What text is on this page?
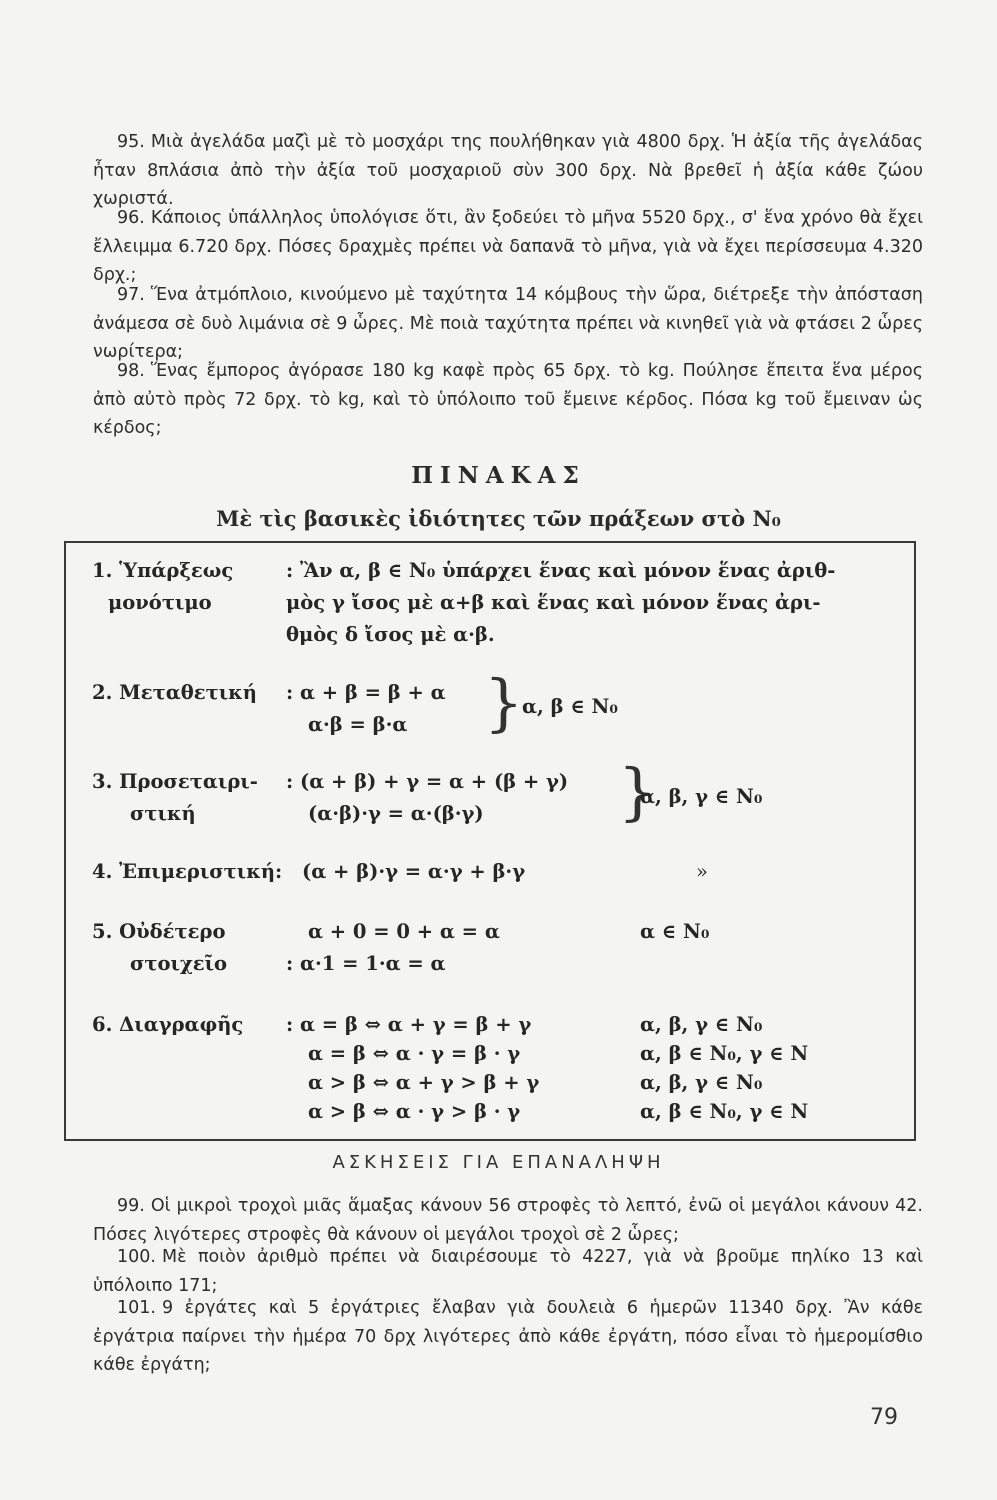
95. Μιὰ ἀγελάδα μαζὶ μὲ τὸ μοσχάρι της πουλήθηκαν γιὰ 4800 δρχ. Ἡ ἀξία τῆς ἀγελάδας ἦταν 8πλάσια ἀπὸ τὴν ἀξία τοῦ μοσχαριοῦ σὺν 300 δρχ. Νὰ βρεθεῖ ἡ ἀξία κάθε ζώου χωριστά.
96. Κάποιος ὑπάλληλος ὑπολόγισε ὅτι, ἂν ξοδεύει τὸ μῆνα 5520 δρχ., σ' ἕνα χρόνο θὰ ἔχει ἔλλειμμα 6.720 δρχ. Πόσες δραχμὲς πρέπει νὰ δαπανᾶ τὸ μῆνα, γιὰ νὰ ἔχει περίσσευμα 4.320 δρχ.;
97. Ἕνα ἀτμόπλοιο, κινούμενο μὲ ταχύτητα 14 κόμβους τὴν ὥρα, διέτρεξε τὴν ἀπόσταση ἀνάμεσα σὲ δυὸ λιμάνια σὲ 9 ὧρες. Μὲ ποιὰ ταχύτητα πρέπει νὰ κινηθεῖ γιὰ νὰ φτάσει 2 ὧρες νωρίτερα;
98. Ἕνας ἔμπορος ἀγόρασε 180 kg καφὲ πρὸς 65 δρχ. τὸ kg. Πούλησε ἔπειτα ἕνα μέρος ἀπὸ αὐτὸ πρὸς 72 δρχ. τὸ kg, καὶ τὸ ὑπόλοιπο τοῦ ἔμεινε κέρδος. Πόσα kg τοῦ ἔμειναν ὡς κέρδος;
ΠΙΝΑΚΑΣ
Μὲ τὶς βασικὲς ἰδιότητες τῶν πράξεων στὸ N₀
1. Ὑπάρξεως
μονότιμο
: Ἂν α, β ∈ N₀ ὑπάρχει ἕνας καὶ μόνον ἕνας ἀριθ-
μὸς γ ἴσος μὲ α+β καὶ ἕνας καὶ μόνον ἕνας ἀρι-
θμὸς δ ἴσος μὲ α·β.
2. Μεταθετική : α + β = β + α
α·β = β·α }
α, β ∈ N₀
3. Προσεταιρι-
στική
: (α + β) + γ = α + (β + γ)
(α·β)·γ = α·(β·γ) }
α, β, γ ∈ N₀
4. Ἐπιμεριστική: (α + β)·γ = α·γ + β·γ	»
5. Οὐδέτερο
στοιχεῖο
α + 0 = 0 + α = α
: α·1 = 1·α = α
α ∈ N₀
6. Διαγραφῆς : α = β ⇔ α + γ = β + γ
α = β ⇔ α · γ = β · γ
α > β ⇔ α + γ > β + γ
α > β ⇔ α · γ > β · γ
α, β, γ ∈ N₀
α, β ∈ N₀, γ ∈ N
α, β, γ ∈ N₀
α, β ∈ N₀, γ ∈ N
ΑΣΚΗΣΕΙΣ ΓΙΑ ΕΠΑΝΑΛΗΨΗ
99. Οἱ μικροὶ τροχοὶ μιᾶς ἅμαξας κάνουν 56 στροφὲς τὸ λεπτό, ἐνῶ οἱ μεγάλοι κάνουν 42. Πόσες λιγότερες στροφὲς θὰ κάνουν οἱ μεγάλοι τροχοὶ σὲ 2 ὧρες;
100. Μὲ ποιὸν ἀριθμὸ πρέπει νὰ διαιρέσουμε τὸ 4227, γιὰ νὰ βροῦμε πηλίκο 13 καὶ ὑπόλοιπο 171;
101. 9 ἐργάτες καὶ 5 ἐργάτριες ἔλαβαν γιὰ δουλειὰ 6 ἡμερῶν 11340 δρχ. Ἂν κάθε ἐργάτρια παίρνει τὴν ἡμέρα 70 δρχ λιγότερες ἀπὸ κάθε ἐργάτη, πόσο εἶναι τὸ ἡμερομίσθιο κάθε ἐργάτη;
79
